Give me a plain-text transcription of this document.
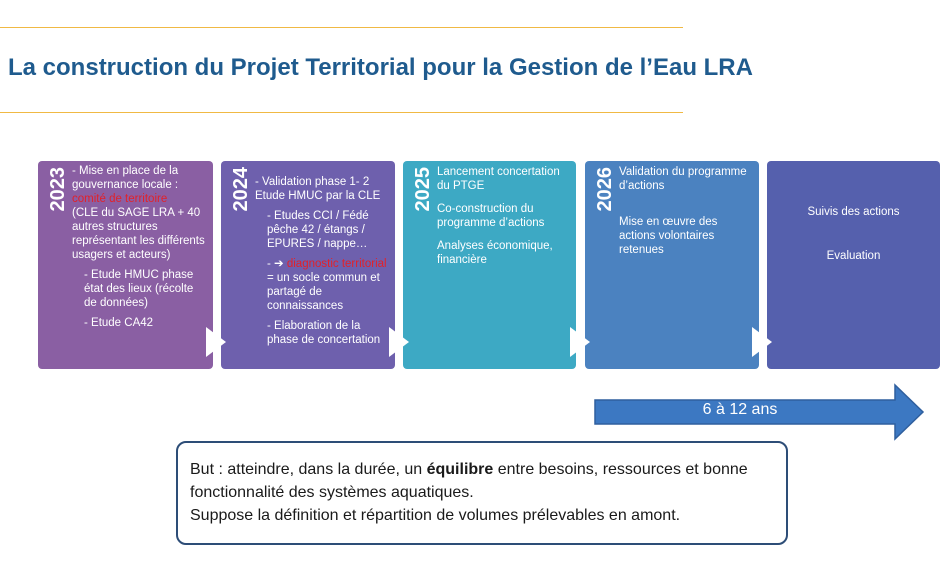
La construction du Projet Territorial pour la Gestion de l’Eau LRA
2023 - Mise en place de la gouvernance locale :
comité de territoire
(CLE du SAGE LRA + 40 autres structures représentant les différents usagers et acteurs)

- Etude HMUC phase état des lieux (récolte de données)

- Etude CA42

2024 - Validation phase 1- 2 Etude HMUC par la CLE

- Etudes CCI / Fédé pêche 42 / étangs / EPURES / nappe…

- ➔ diagnostic territorial = un socle commun et partagé de connaissances

- Elaboration de la phase de concertation

2025 Lancement concertation du PTGE

Co-construction du programme d’actions

Analyses économique, financière

2026 Validation du programme d’actions

Mise en œuvre des actions volontaires retenues

Suivis des actions

Evaluation

6 à 12 ans

But : atteindre, dans la durée, un équilibre entre besoins, ressources et bonne fonctionnalité des systèmes aquatiques.

Suppose la définition et répartition de volumes prélevables en amont.
